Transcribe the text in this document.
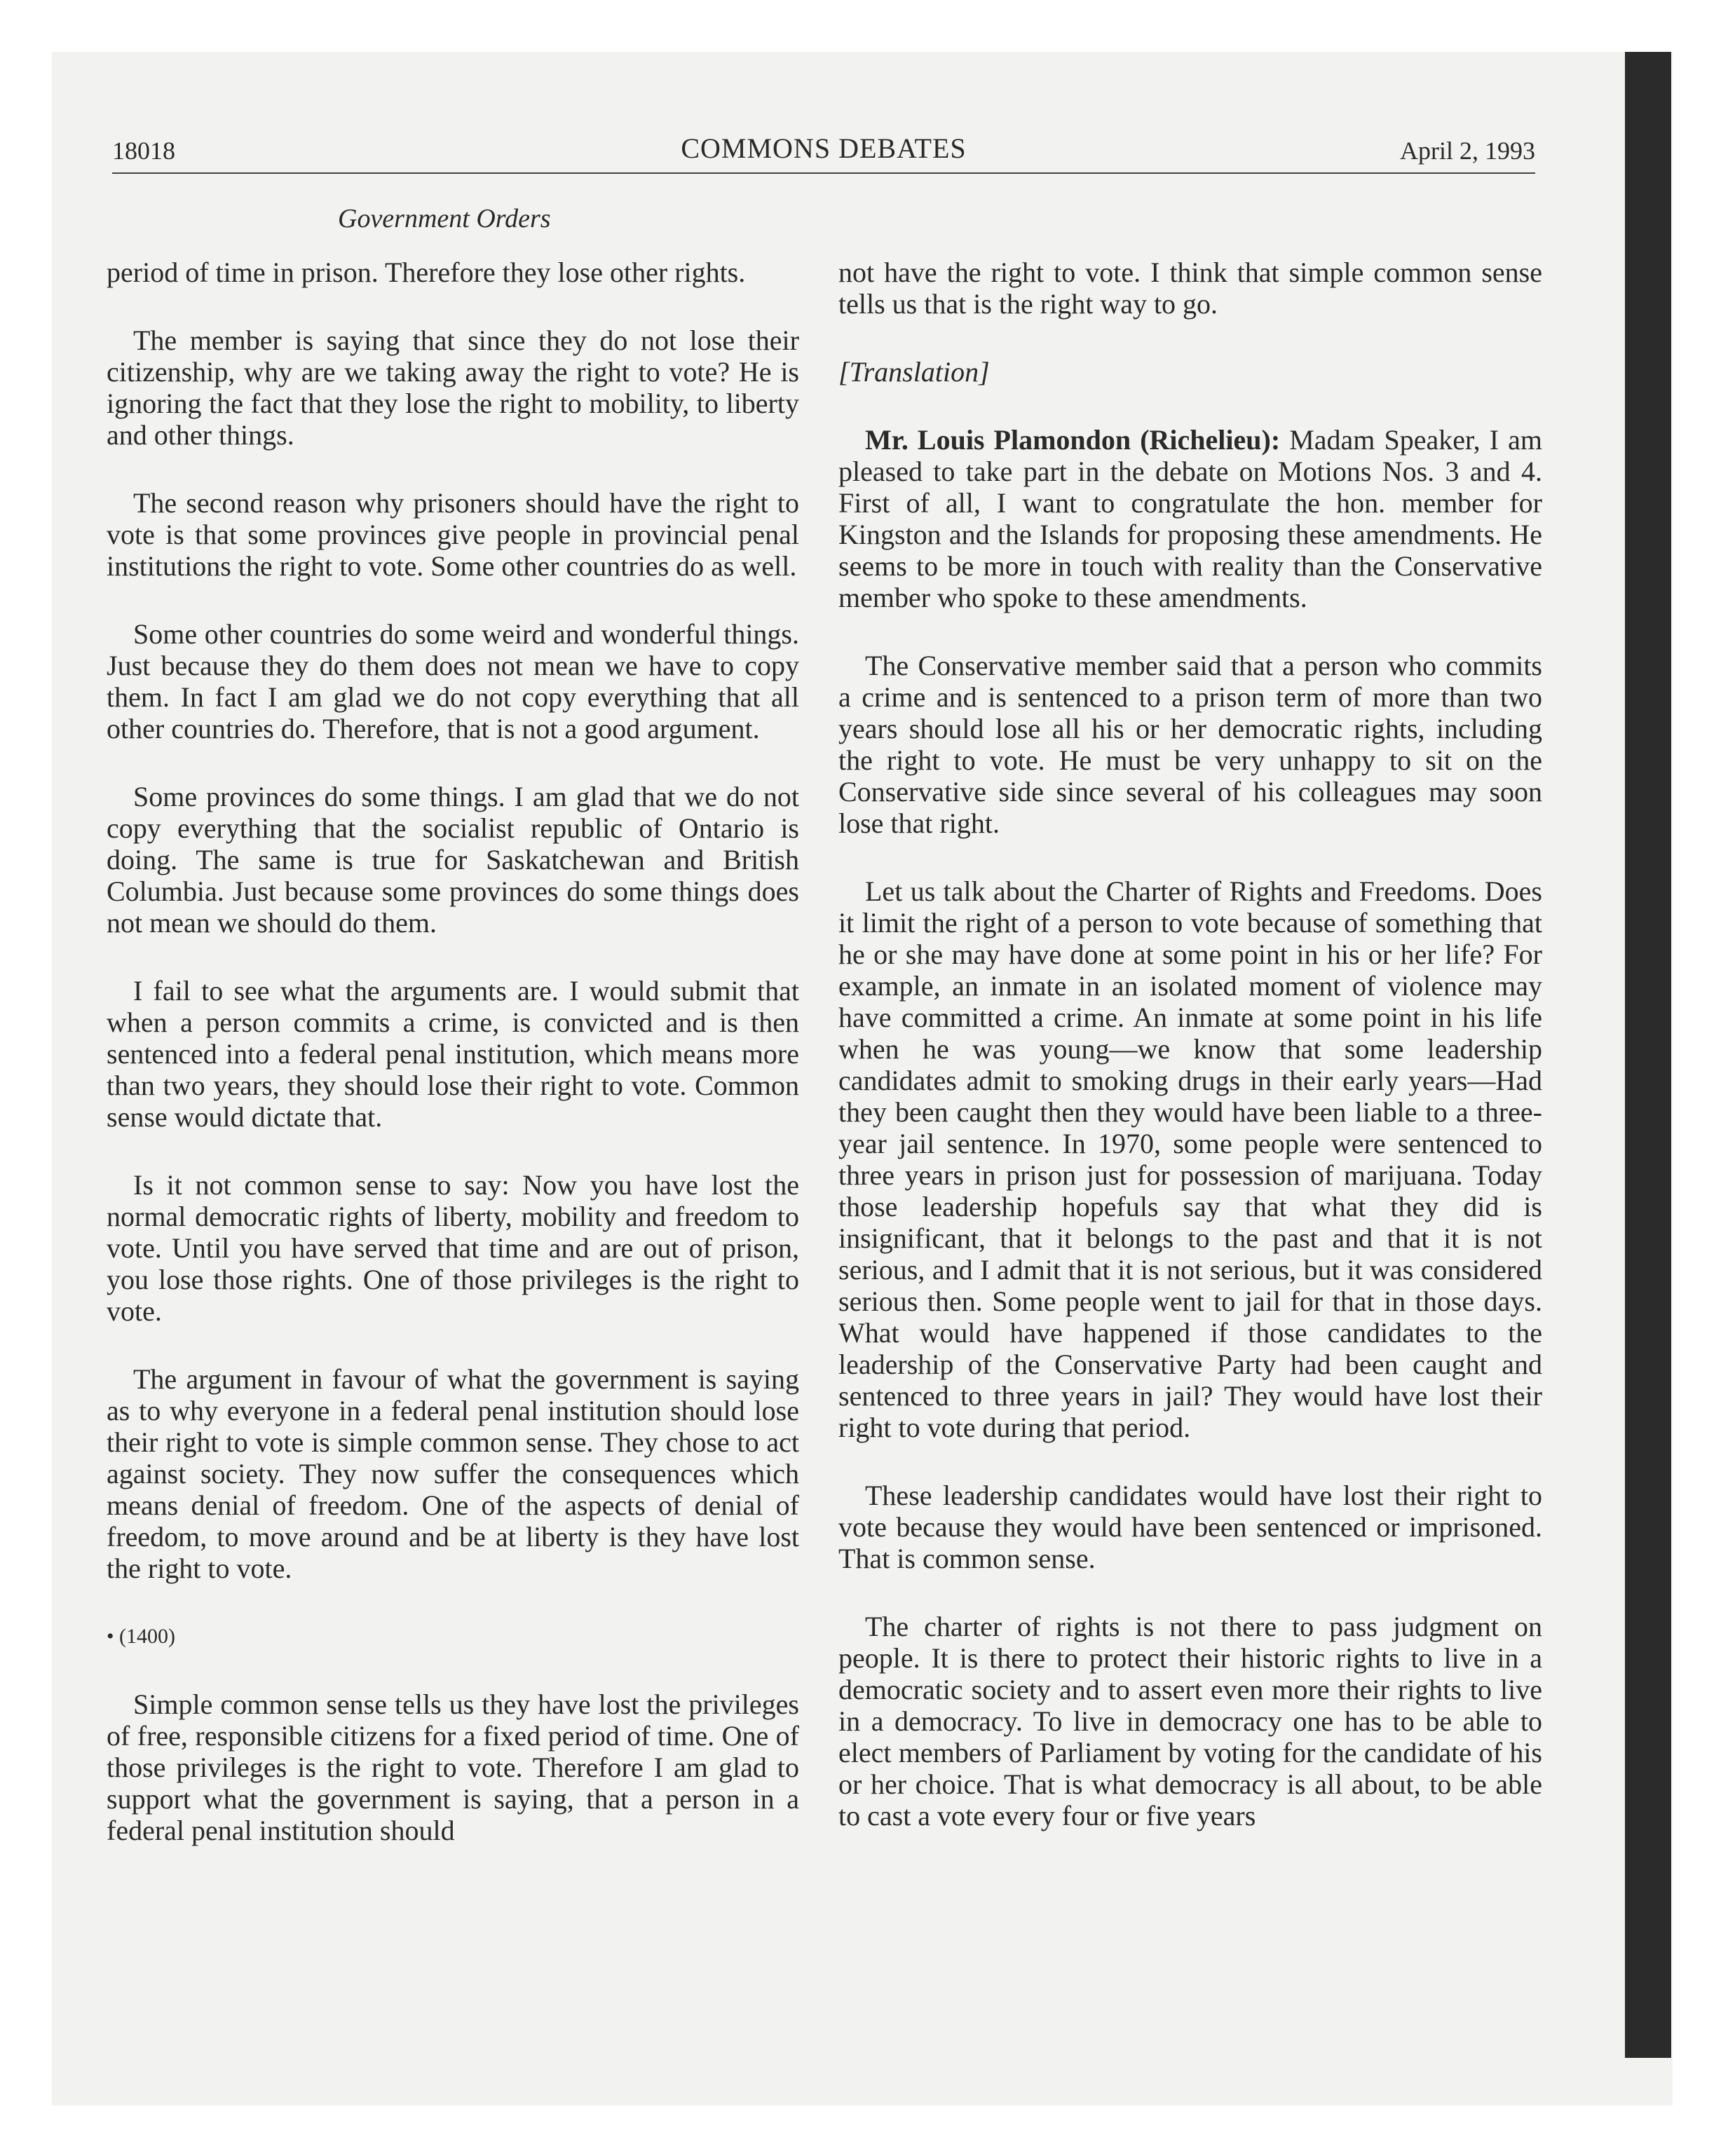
18018	COMMONS DEBATES	April 2, 1993
Government Orders

period of time in prison. Therefore they lose other rights.

The member is saying that since they do not lose their citizenship, why are we taking away the right to vote? He is ignoring the fact that they lose the right to mobility, to liberty and other things.

The second reason why prisoners should have the right to vote is that some provinces give people in provincial penal institutions the right to vote. Some other countries do as well.

Some other countries do some weird and wonderful things. Just because they do them does not mean we have to copy them. In fact I am glad we do not copy everything that all other countries do. Therefore, that is not a good argument.

Some provinces do some things. I am glad that we do not copy everything that the socialist republic of Ontario is doing. The same is true for Saskatchewan and British Columbia. Just because some provinces do some things does not mean we should do them.

I fail to see what the arguments are. I would submit that when a person commits a crime, is convicted and is then sentenced into a federal penal institution, which means more than two years, they should lose their right to vote. Common sense would dictate that.

Is it not common sense to say: Now you have lost the normal democratic rights of liberty, mobility and freedom to vote. Until you have served that time and are out of prison, you lose those rights. One of those privileges is the right to vote.

The argument in favour of what the government is saying as to why everyone in a federal penal institution should lose their right to vote is simple common sense. They chose to act against society. They now suffer the consequences which means denial of freedom. One of the aspects of denial of freedom, to move around and be at liberty is they have lost the right to vote.

• (1400)

Simple common sense tells us they have lost the privileges of free, responsible citizens for a fixed period of time. One of those privileges is the right to vote. Therefore I am glad to support what the government is saying, that a person in a federal penal institution should

not have the right to vote. I think that simple common sense tells us that is the right way to go.

[Translation]

Mr. Louis Plamondon (Richelieu): Madam Speaker, I am pleased to take part in the debate on Motions Nos. 3 and 4. First of all, I want to congratulate the hon. member for Kingston and the Islands for proposing these amendments. He seems to be more in touch with reality than the Conservative member who spoke to these amendments.

The Conservative member said that a person who commits a crime and is sentenced to a prison term of more than two years should lose all his or her democratic rights, including the right to vote. He must be very unhappy to sit on the Conservative side since several of his colleagues may soon lose that right.

Let us talk about the Charter of Rights and Freedoms. Does it limit the right of a person to vote because of something that he or she may have done at some point in his or her life? For example, an inmate in an isolated moment of violence may have committed a crime. An inmate at some point in his life when he was young—we know that some leadership candidates admit to smoking drugs in their early years—Had they been caught then they would have been liable to a three-year jail sentence. In 1970, some people were sentenced to three years in prison just for possession of marijuana. Today those leadership hopefuls say that what they did is insignificant, that it belongs to the past and that it is not serious, and I admit that it is not serious, but it was considered serious then. Some people went to jail for that in those days. What would have happened if those candidates to the leadership of the Conservative Party had been caught and sentenced to three years in jail? They would have lost their right to vote during that period.

These leadership candidates would have lost their right to vote because they would have been sentenced or imprisoned. That is common sense.

The charter of rights is not there to pass judgment on people. It is there to protect their historic rights to live in a democratic society and to assert even more their rights to live in a democracy. To live in democracy one has to be able to elect members of Parliament by voting for the candidate of his or her choice. That is what democracy is all about, to be able to cast a vote every four or five years
